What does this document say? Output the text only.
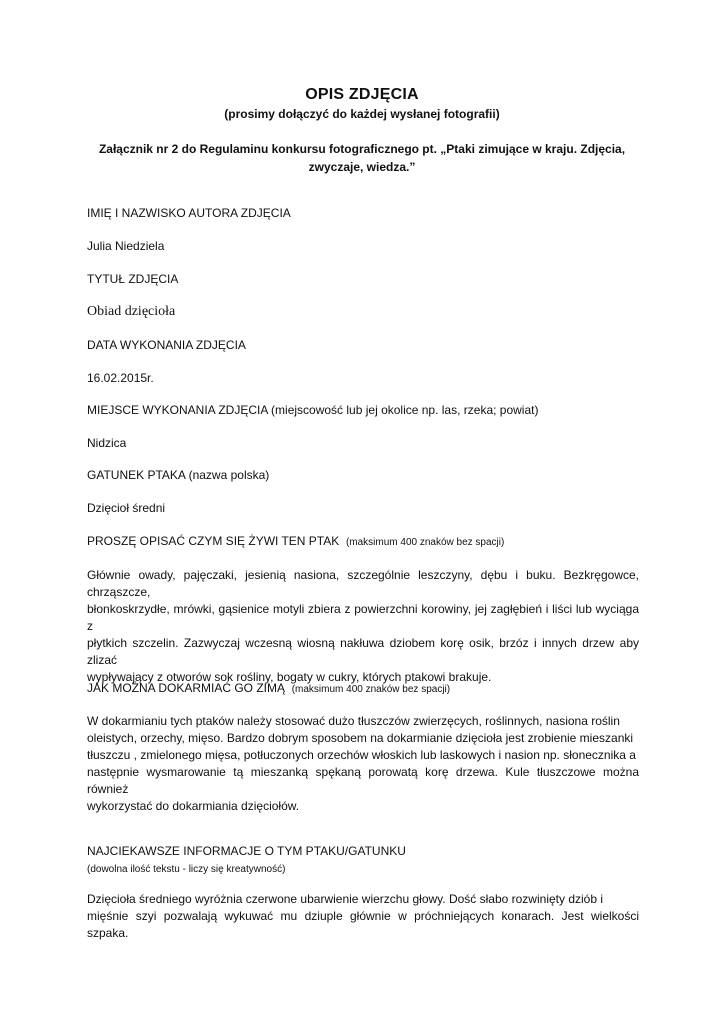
OPIS ZDJĘCIA
(prosimy dołączyć do każdej wysłanej fotografii)
Załącznik nr 2 do Regulaminu konkursu fotograficznego pt. „Ptaki zimujące w kraju. Zdjęcia,
zwyczaje, wiedza.”
IMIĘ I NAZWISKO AUTORA ZDJĘCIA
Julia Niedziela
TYTUŁ ZDJĘCIA
Obiad dzięcioła
DATA WYKONANIA ZDJĘCIA
16.02.2015r.
MIEJSCE WYKONANIA ZDJĘCIA (miejscowość lub jej okolice np. las, rzeka; powiat)
Nidzica
GATUNEK PTAKA (nazwa polska)
Dzięcioł średni
PROSZĘ OPISAĆ CZYM SIĘ ŻYWI TEN PTAK (maksimum 400 znaków bez spacji)
Głównie owady, pajęczaki, jesienią nasiona, szczególnie leszczyny, dębu i buku. Bezkręgowce, chrząszcze,
błonkoskrzydłe, mrówki, gąsienice motyli zbiera z powierzchni korowiny, jej zagłębień i liści lub wyciąga z
płytkich szczelin. Zazwyczaj wczesną wiosną nakłuwa dziobem korę osik, brzóz i innych drzew aby zlizać
wypływający z otworów sok rośliny, bogaty w cukry, których ptakowi brakuje.
JAK MOŻNA DOKARMIAĆ GO ZIMĄ (maksimum 400 znaków bez spacji)
W dokarmianiu tych ptaków należy stosować dużo tłuszczów zwierzęcych, roślinnych, nasiona roślin
oleistych, orzechy, mięso. Bardzo dobrym sposobem na dokarmianie dzięcioła jest zrobienie mieszanki
tłuszczu , zmielonego mięsa, potłuczonych orzechów włoskich lub laskowych i nasion np. słonecznika a
następnie wysmarowanie tą mieszanką spękaną porowatą korę drzewa. Kule tłuszczowe można również
wykorzystać do dokarmiania dzięciołów.
NAJCIEKAWSZE INFORMACJE O TYM PTAKU/GATUNKU
(dowolna ilość tekstu - liczy się kreatywność)
Dzięcioła średniego wyróżnia czerwone ubarwienie wierzchu głowy. Dość słabo rozwinięty dziób i
mięśnie szyi pozwalają wykuwać mu dziuple głównie w próchniejących konarach. Jest wielkości szpaka.
